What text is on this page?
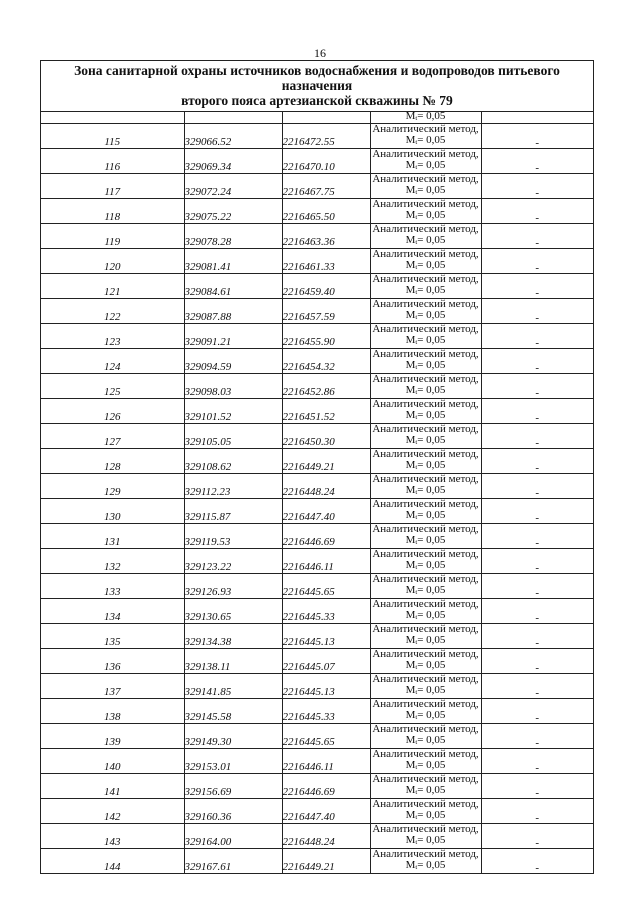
16
Зона санитарной охраны источников водоснабжения и водопроводов питьевого назначения
второго пояса артезианской скважины № 79
			$M_t= 0,05$	
115	329066.52	2216472.55	Аналитический метод,
$M_t= 0,05$	-
116	329069.34	2216470.10	Аналитический метод,
$M_t= 0,05$	-
117	329072.24	2216467.75	Аналитический метод,
$M_t= 0,05$	-
118	329075.22	2216465.50	Аналитический метод,
$M_t= 0,05$	-
119	329078.28	2216463.36	Аналитический метод,
$M_t= 0,05$	-
120	329081.41	2216461.33	Аналитический метод,
$M_t= 0,05$	-
121	329084.61	2216459.40	Аналитический метод,
$M_t= 0,05$	-
122	329087.88	2216457.59	Аналитический метод,
$M_t= 0,05$	-
123	329091.21	2216455.90	Аналитический метод,
$M_t= 0,05$	-
124	329094.59	2216454.32	Аналитический метод,
$M_t= 0,05$	-
125	329098.03	2216452.86	Аналитический метод,
$M_t= 0,05$	-
126	329101.52	2216451.52	Аналитический метод,
$M_t= 0,05$	-
127	329105.05	2216450.30	Аналитический метод,
$M_t= 0,05$	-
128	329108.62	2216449.21	Аналитический метод,
$M_t= 0,05$	-
129	329112.23	2216448.24	Аналитический метод,
$M_t= 0,05$	-
130	329115.87	2216447.40	Аналитический метод,
$M_t= 0,05$	-
131	329119.53	2216446.69	Аналитический метод,
$M_t= 0,05$	-
132	329123.22	2216446.11	Аналитический метод,
$M_t= 0,05$	-
133	329126.93	2216445.65	Аналитический метод,
$M_t= 0,05$	-
134	329130.65	2216445.33	Аналитический метод,
$M_t= 0,05$	-
135	329134.38	2216445.13	Аналитический метод,
$M_t= 0,05$	-
136	329138.11	2216445.07	Аналитический метод,
$M_t= 0,05$	-
137	329141.85	2216445.13	Аналитический метод,
$M_t= 0,05$	-
138	329145.58	2216445.33	Аналитический метод,
$M_t= 0,05$	-
139	329149.30	2216445.65	Аналитический метод,
$M_t= 0,05$	-
140	329153.01	2216446.11	Аналитический метод,
$M_t= 0,05$	-
141	329156.69	2216446.69	Аналитический метод,
$M_t= 0,05$	-
142	329160.36	2216447.40	Аналитический метод,
$M_t= 0,05$	-
143	329164.00	2216448.24	Аналитический метод,
$M_t= 0,05$	-
144	329167.61	2216449.21	Аналитический метод,
$M_t= 0,05$	-
